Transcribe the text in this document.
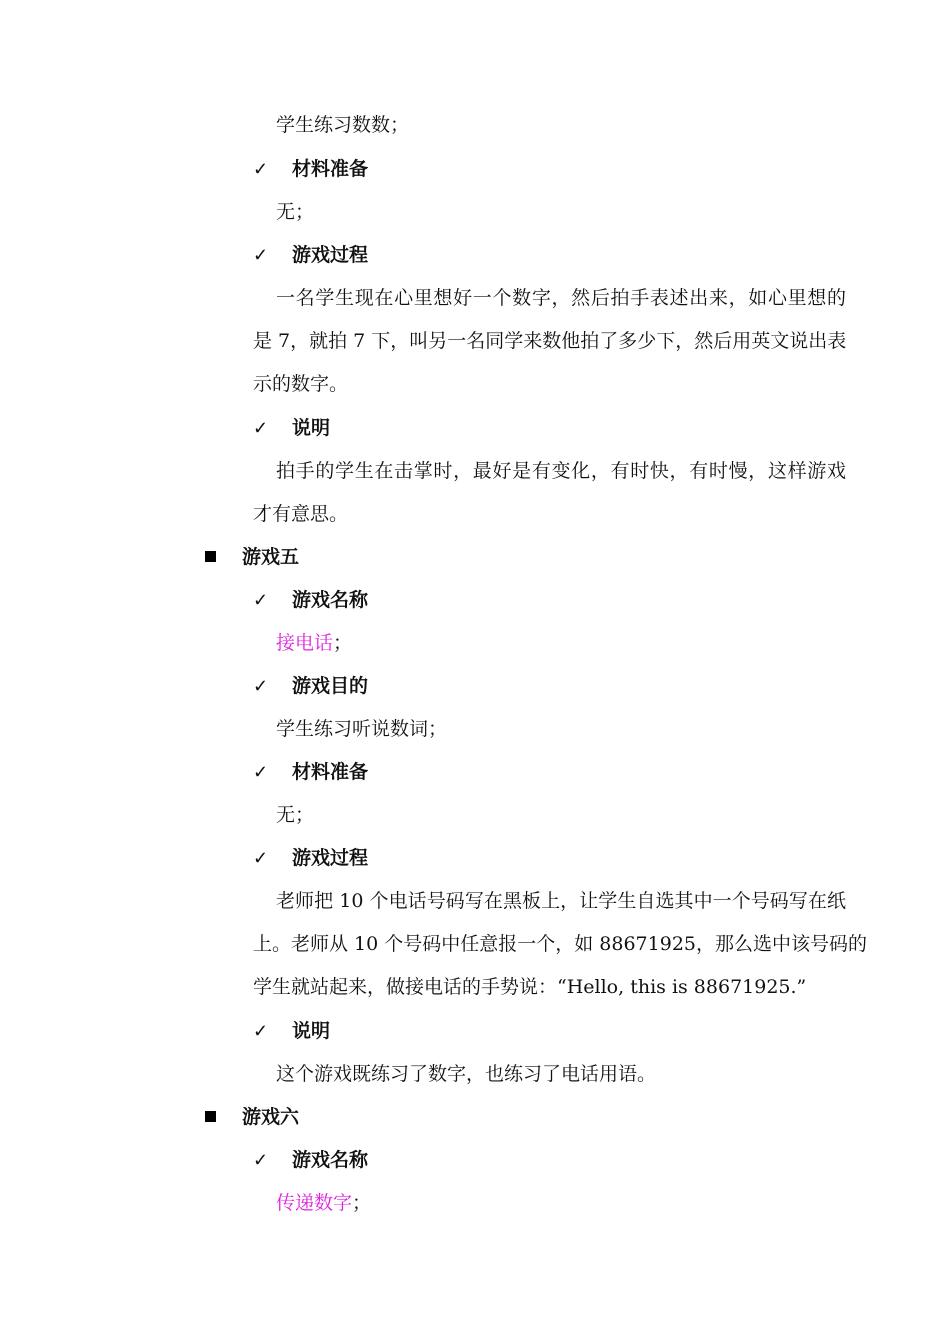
学生练习数数；
✓ 材料准备
无；
✓ 游戏过程
一名学生现在心里想好一个数字，然后拍手表述出来，如心里想的
是 7，就拍 7 下，叫另一名同学来数他拍了多少下，然后用英文说出表
示的数字。
✓ 说明
拍手的学生在击掌时，最好是有变化，有时快，有时慢，这样游戏
才有意思。
游戏五
✓ 游戏名称
接电话；
✓ 游戏目的
学生练习听说数词；
✓ 材料准备
无；
✓ 游戏过程
老师把 10 个电话号码写在黑板上，让学生自选其中一个号码写在纸
上。老师从 10 个号码中任意报一个，如 88671925，那么选中该号码的
学生就站起来，做接电话的手势说：“Hello, this is 88671925.”
✓ 说明
这个游戏既练习了数字，也练习了电话用语。
游戏六
✓ 游戏名称
传递数字；
